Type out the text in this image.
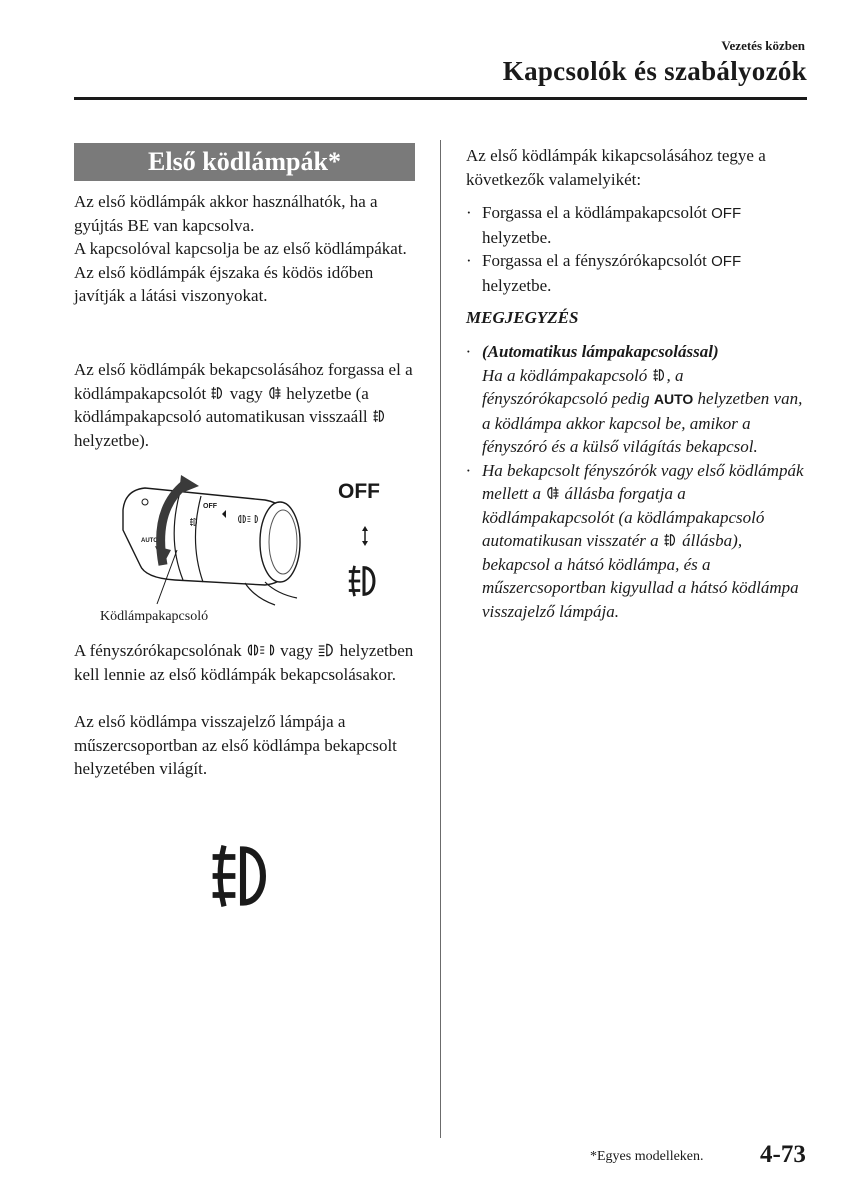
Vezetés közben
Kapcsolók és szabályozók
Első ködlámpák*
Az első ködlámpák akkor használhatók, ha a gyújtás BE van kapcsolva.
A kapcsolóval kapcsolja be az első ködlámpákat. Az első ködlámpák éjszaka és ködös időben javítják a látási viszonyokat.
Az első ködlámpák bekapcsolásához forgassa el a ködlámpakapcsolót vagy helyzetbe (a ködlámpakapcsoló automatikusan visszaáll  helyzetbe).
OFF
AUTO
OFF
Ködlámpakapcsoló
A fényszórókapcsolónak vagy helyzetben kell lennie az első ködlámpák bekapcsolásakor.
Az első ködlámpa visszajelző lámpája a műszercsoportban az első ködlámpa bekapcsolt helyzetében világít.
Az első ködlámpák kikapcsolásához tegye a következők valamelyikét:
· Forgassa el a ködlámpakapcsolót OFF
helyzetbe.
· Forgassa el a fényszórókapcsolót OFF
helyzetbe.
MEGJEGYZÉS
· (Automatikus lámpakapcsolással)
Ha a ködlámpakapcsoló , a fényszórókapcsoló pedig AUTO helyzetben van, a ködlámpa akkor kapcsol be, amikor a fényszóró és a külső világítás bekapcsol.
· Ha bekapcsolt fényszórók vagy első ködlámpák mellett a állásba forgatja a ködlámpakapcsolót (a ködlámpakapcsoló automatikusan visszatér a állásba), bekapcsol a hátsó ködlámpa, és a műszercsoportban kigyullad a hátsó ködlámpa visszajelző lámpája.
*Egyes modelleken. 4-73
